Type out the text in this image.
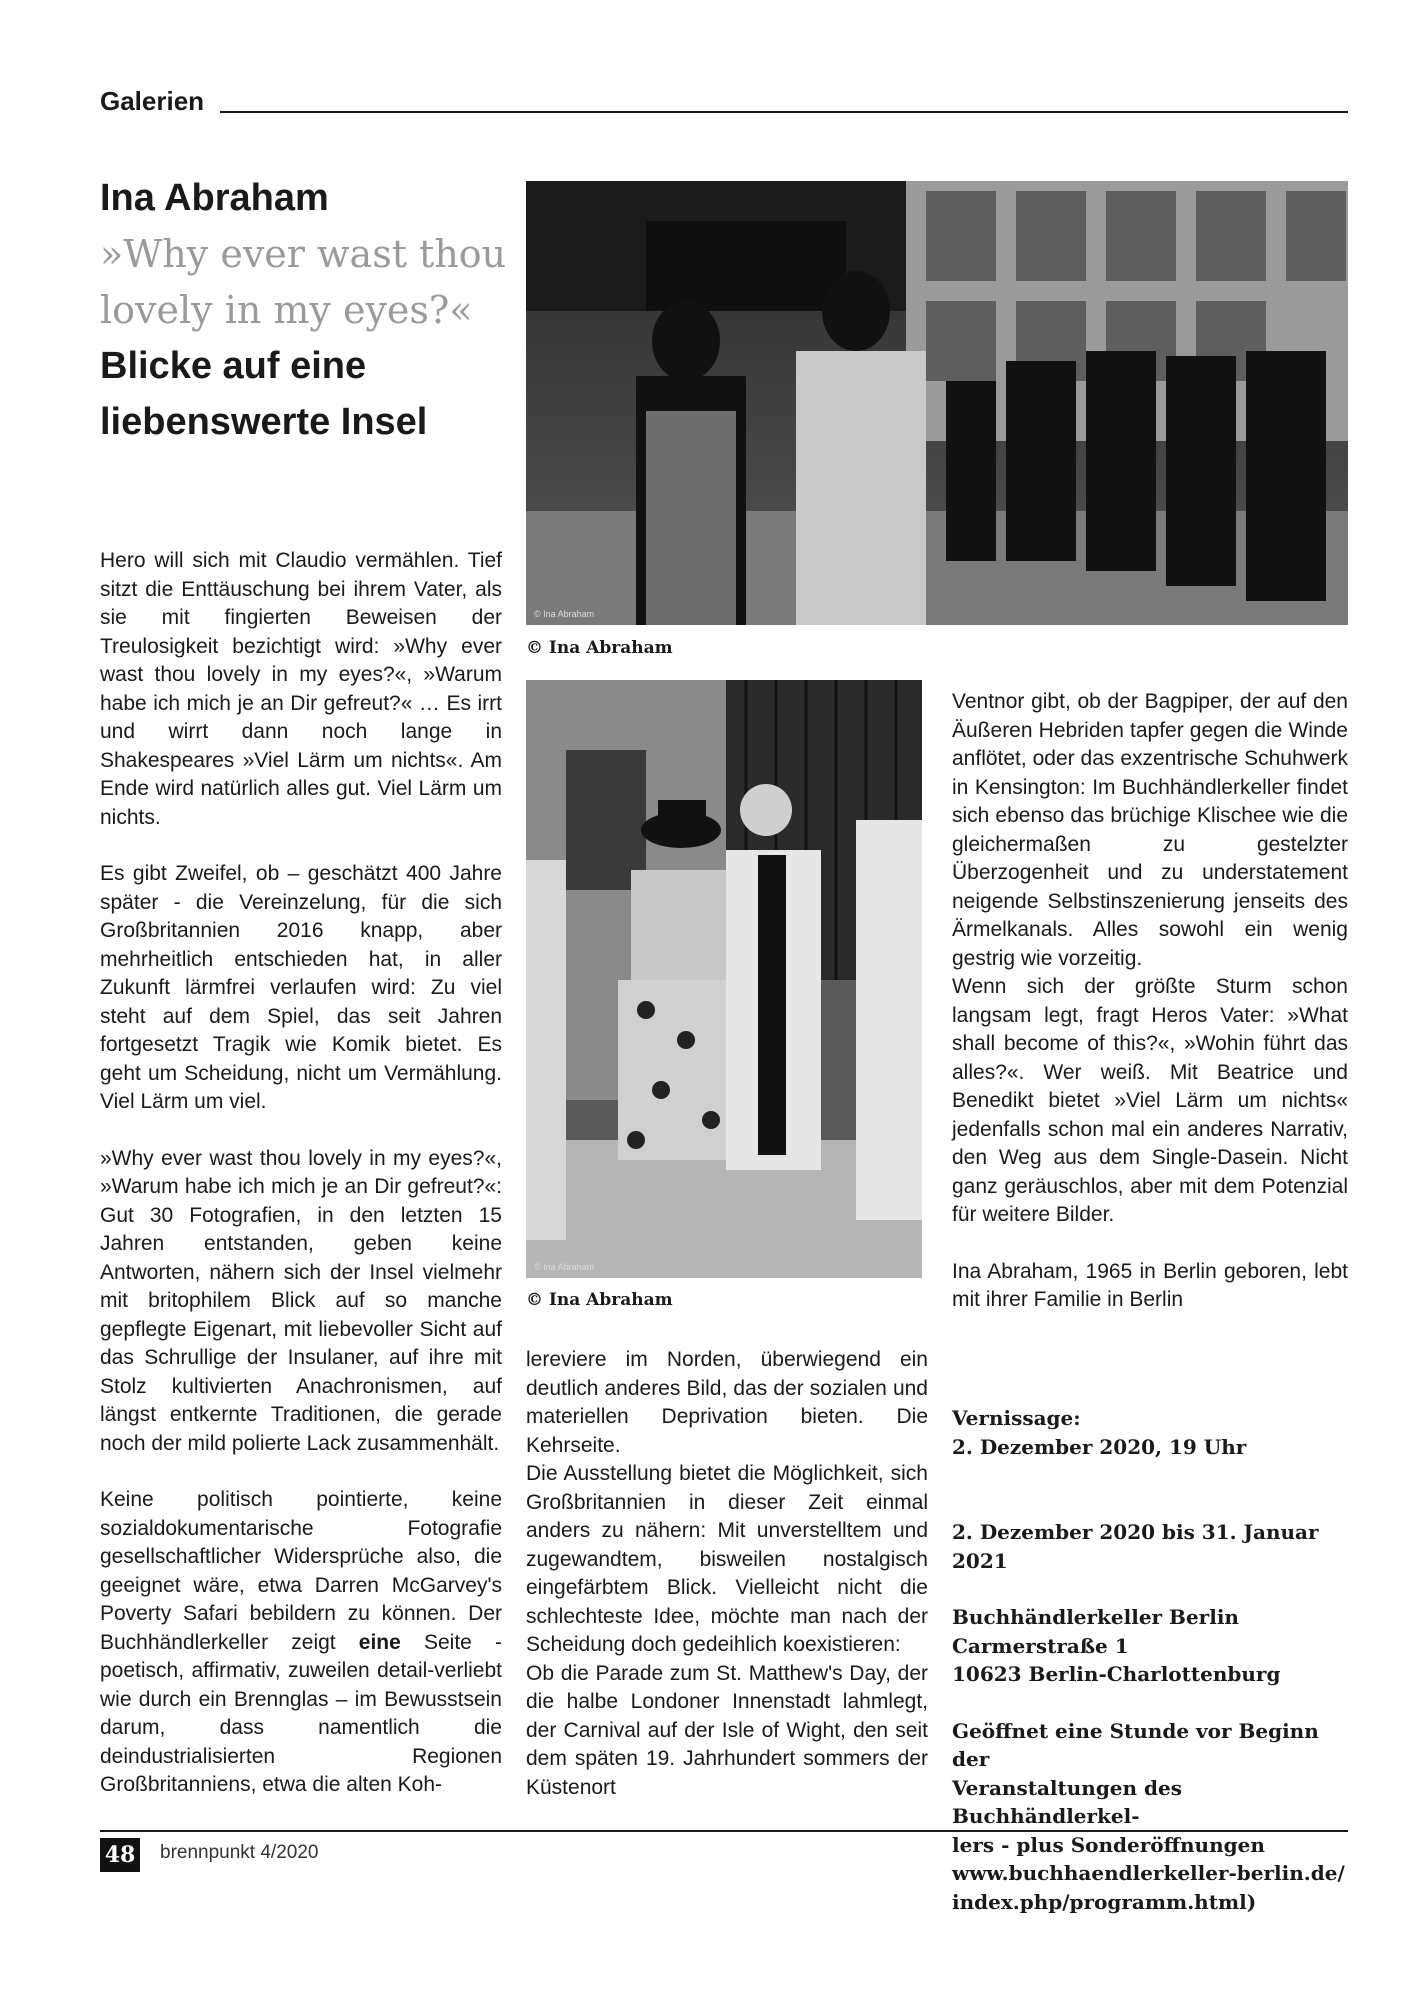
Galerien
Ina Abraham
»Why ever wast thou
lovely in my eyes?«
Blicke auf eine
liebenswerte Insel

Hero will sich mit Claudio vermählen. Tief sitzt die Enttäuschung bei ihrem Vater, als sie mit fingierten Beweisen der Treulosigkeit bezichtigt wird: »Why ever wast thou lovely in my eyes?«, »Warum habe ich mich je an Dir gefreut?« … Es irrt und wirrt dann noch lange in Shakespeares »Viel Lärm um nichts«. Am Ende wird natürlich alles gut. Viel Lärm um nichts.

Es gibt Zweifel, ob – geschätzt 400 Jahre später - die Vereinzelung, für die sich Großbritannien 2016 knapp, aber mehrheitlich entschieden hat, in aller Zukunft lärmfrei verlaufen wird: Zu viel steht auf dem Spiel, das seit Jahren fortgesetzt Tragik wie Komik bietet. Es geht um Scheidung, nicht um Vermählung. Viel Lärm um viel.

»Why ever wast thou lovely in my eyes?«, »Warum habe ich mich je an Dir gefreut?«: Gut 30 Fotografien, in den letzten 15 Jahren entstanden, geben keine Antworten, nähern sich der Insel vielmehr mit britophilem Blick auf so manche gepflegte Eigenart, mit liebevoller Sicht auf das Schrullige der Insulaner, auf ihre mit Stolz kultivierten Anachronismen, auf längst entkernte Traditionen, die gerade noch der mild polierte Lack zusammenhält.

Keine politisch pointierte, keine sozialdokumentarische Fotografie gesellschaftlicher Widersprüche also, die geeignet wäre, etwa Darren McGarvey's Poverty Safari bebildern zu können. Der Buchhändlerkeller zeigt eine Seite - poetisch, affirmativ, zuweilen detail-verliebt wie durch ein Brennglas – im Bewusstsein darum, dass namentlich die deindustrialisierten Regionen Großbritanniens, etwa die alten Koh-

© Ina Abraham
© Ina Abraham
© Ina Abraham
© Ina Abraham

lereviere im Norden, überwiegend ein deutlich anderes Bild, das der sozialen und materiellen Deprivation bieten. Die Kehrseite.

Die Ausstellung bietet die Möglichkeit, sich Großbritannien in dieser Zeit einmal anders zu nähern: Mit unverstelltem und zugewandtem, bisweilen nostalgisch eingefärbtem Blick. Vielleicht nicht die schlechteste Idee, möchte man nach der Scheidung doch gedeihlich koexistieren:

Ob die Parade zum St. Matthew's Day, der die halbe Londoner Innenstadt lahmlegt, der Carnival auf der Isle of Wight, den seit dem späten 19. Jahrhundert sommers der Küstenort

Ventnor gibt, ob der Bagpiper, der auf den Äußeren Hebriden tapfer gegen die Winde anflötet, oder das exzentrische Schuhwerk in Kensington: Im Buchhändlerkeller findet sich ebenso das brüchige Klischee wie die gleichermaßen zu gestelzter Überzogenheit und zu understatement neigende Selbstinszenierung jenseits des Ärmelkanals. Alles sowohl ein wenig gestrig wie vorzeitig.

Wenn sich der größte Sturm schon langsam legt, fragt Heros Vater: »What shall become of this?«, »Wohin führt das alles?«. Wer weiß. Mit Beatrice und Benedikt bietet »Viel Lärm um nichts« jedenfalls schon mal ein anderes Narrativ, den Weg aus dem Single-Dasein. Nicht ganz geräuschlos, aber mit dem Potenzial für weitere Bilder.

Ina Abraham, 1965 in Berlin geboren, lebt mit ihrer Familie in Berlin

Vernissage:
2. Dezember 2020, 19 Uhr
2. Dezember 2020 bis 31. Januar 2021
Buchhändlerkeller Berlin
Carmerstraße 1
10623 Berlin-Charlottenburg
Geöffnet eine Stunde vor Beginn der
Veranstaltungen des Buchhändlerkel-
lers - plus Sonderöffnungen
www.buchhaendlerkeller-berlin.de/
index.php/programm.html)
48 brennpunkt 4/2020
